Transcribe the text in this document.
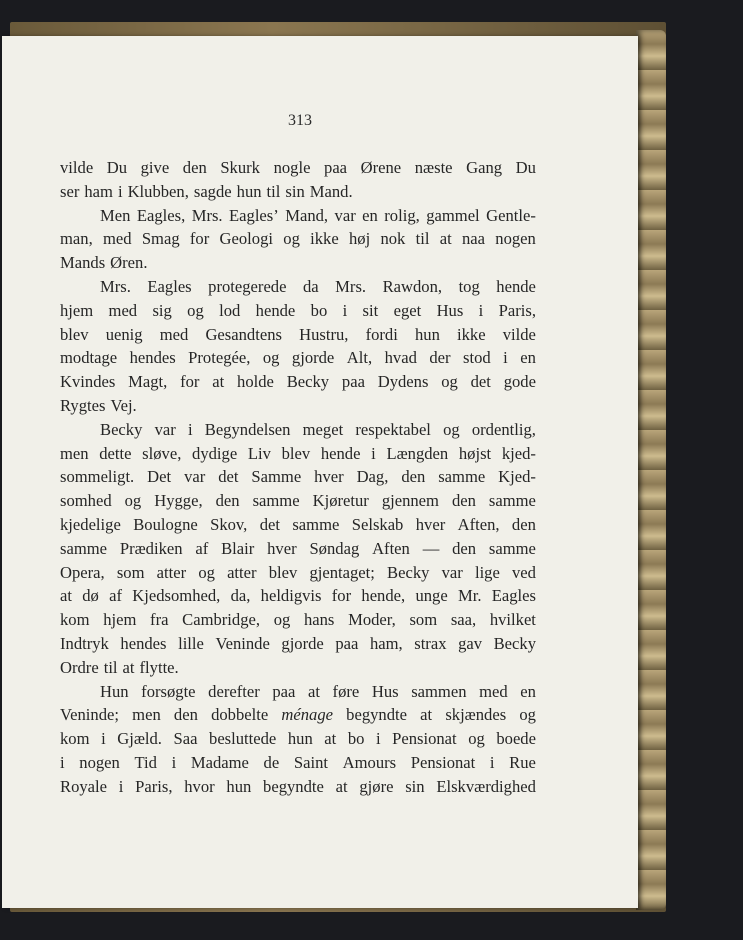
313
vilde Du give den Skurk nogle paa Ørene næste Gang Du
ser ham i Klubben, sagde hun til sin Mand.
Men Eagles, Mrs. Eagles’ Mand, var en rolig, gammel Gentle-
man, med Smag for Geologi og ikke høj nok til at naa nogen
Mands Øren.
Mrs. Eagles protegerede da Mrs. Rawdon, tog hende
hjem med sig og lod hende bo i sit eget Hus i Paris,
blev uenig med Gesandtens Hustru, fordi hun ikke vilde
modtage hendes Protegée, og gjorde Alt, hvad der stod i en
Kvindes Magt, for at holde Becky paa Dydens og det gode
Rygtes Vej.
Becky var i Begyndelsen meget respektabel og ordentlig,
men dette sløve, dydige Liv blev hende i Længden højst kjed-
sommeligt. Det var det Samme hver Dag, den samme Kjed-
somhed og Hygge, den samme Kjøretur gjennem den samme
kjedelige Boulogne Skov, det samme Selskab hver Aften, den
samme Prædiken af Blair hver Søndag Aften — den samme
Opera, som atter og atter blev gjentaget; Becky var lige ved
at dø af Kjedsomhed, da, heldigvis for hende, unge Mr. Eagles
kom hjem fra Cambridge, og hans Moder, som saa, hvilket
Indtryk hendes lille Veninde gjorde paa ham, strax gav Becky
Ordre til at flytte.
Hun forsøgte derefter paa at føre Hus sammen med en
Veninde; men den dobbelte ménage begyndte at skjændes og
kom i Gjæld. Saa besluttede hun at bo i Pensionat og boede
i nogen Tid i Madame de Saint Amours Pensionat i Rue
Royale i Paris, hvor hun begyndte at gjøre sin Elskværdighed
